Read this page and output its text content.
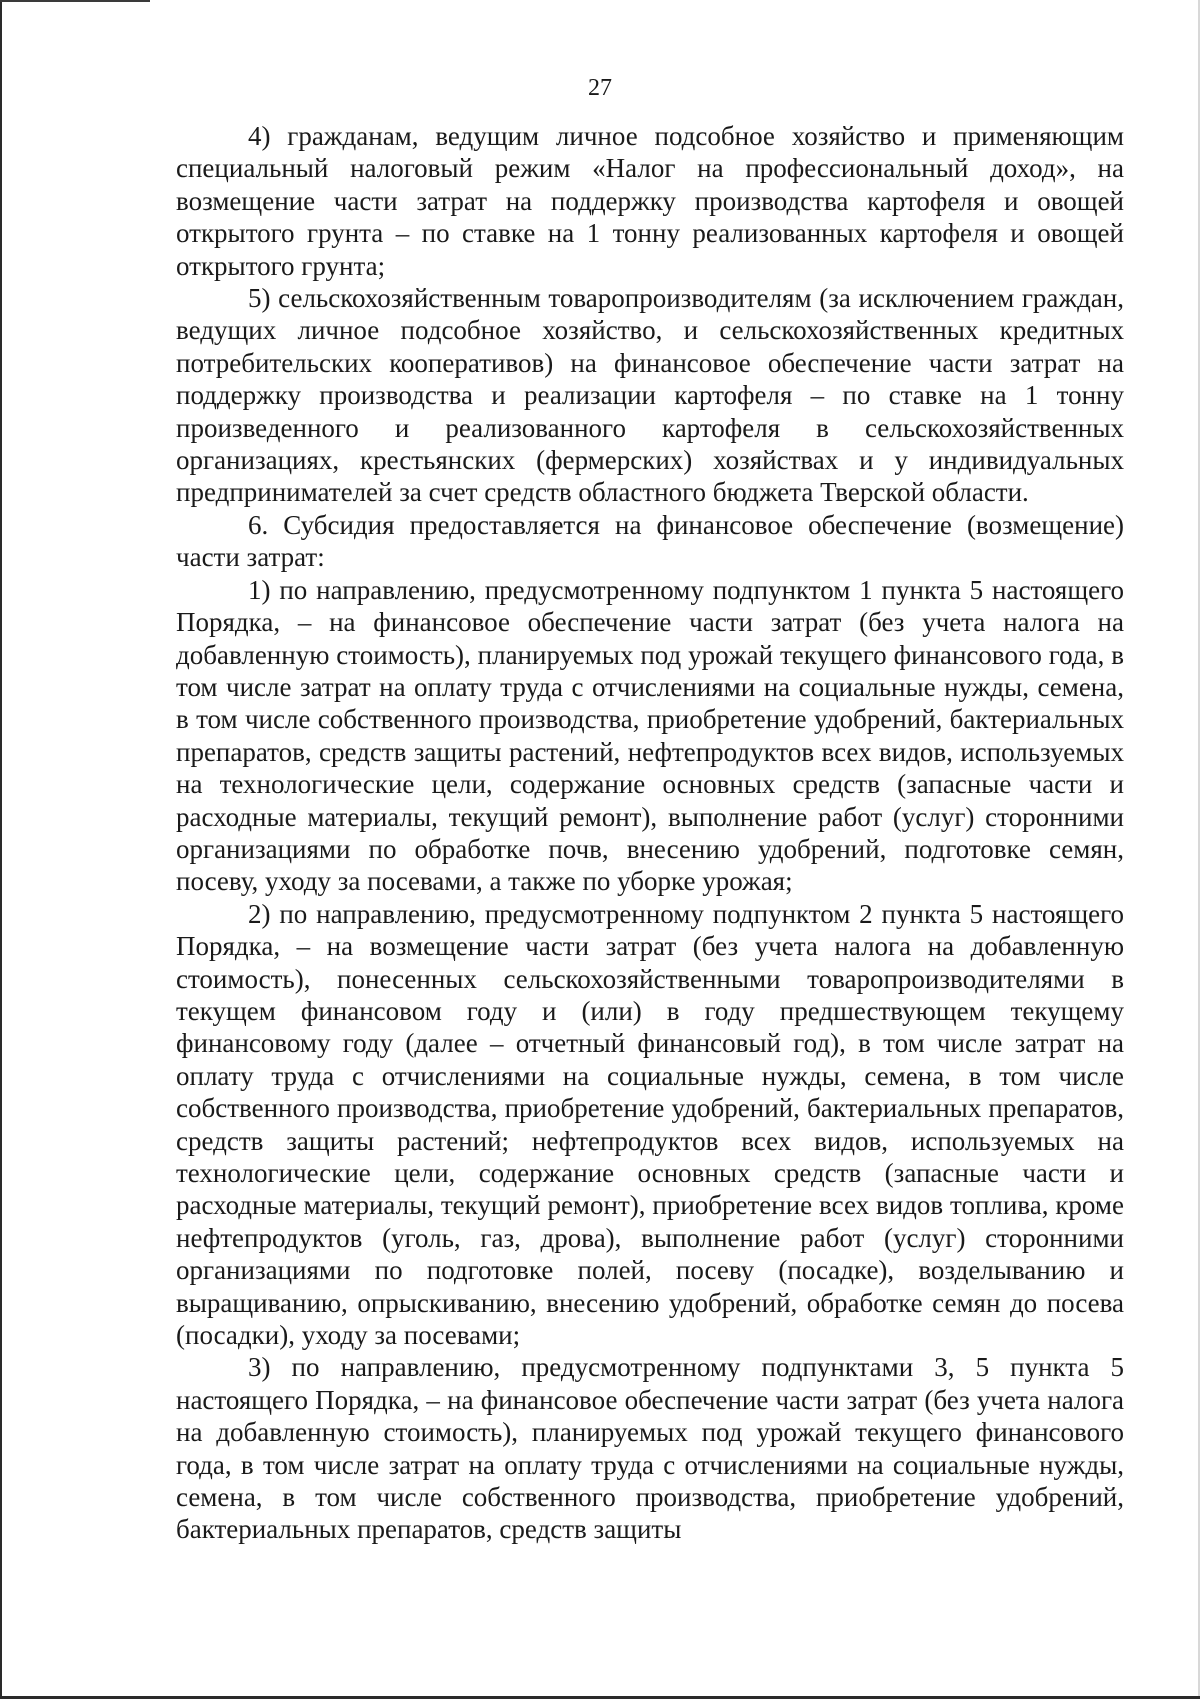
27

4) гражданам, ведущим личное подсобное хозяйство и применяющим специальный налоговый режим «Налог на профессиональный доход», на возмещение части затрат на поддержку производства картофеля и овощей открытого грунта – по ставке на 1 тонну реализованных картофеля и овощей открытого грунта;

5) сельскохозяйственным товаропроизводителям (за исключением граждан, ведущих личное подсобное хозяйство, и сельскохозяйственных кредитных потребительских кооперативов) на финансовое обеспечение части затрат на поддержку производства и реализации картофеля – по ставке на 1 тонну произведенного и реализованного картофеля в сельскохозяйственных организациях, крестьянских (фермерских) хозяйствах и у индивидуальных предпринимателей за счет средств областного бюджета Тверской области.

6. Субсидия предоставляется на финансовое обеспечение (возмещение) части затрат:

1) по направлению, предусмотренному подпунктом 1 пункта 5 настоящего Порядка, – на финансовое обеспечение части затрат (без учета налога на добавленную стоимость), планируемых под урожай текущего финансового года, в том числе затрат на оплату труда с отчислениями на социальные нужды, семена, в том числе собственного производства, приобретение удобрений, бактериальных препаратов, средств защиты растений, нефтепродуктов всех видов, используемых на технологические цели, содержание основных средств (запасные части и расходные материалы, текущий ремонт), выполнение работ (услуг) сторонними организациями по обработке почв, внесению удобрений, подготовке семян, посеву, уходу за посевами, а также по уборке урожая;

2) по направлению, предусмотренному подпунктом 2 пункта 5 настоящего Порядка, – на возмещение части затрат (без учета налога на добавленную стоимость), понесенных сельскохозяйственными товаропроизводителями в текущем финансовом году и (или) в году предшествующем текущему финансовому году (далее – отчетный финансовый год), в том числе затрат на оплату труда с отчислениями на социальные нужды, семена, в том числе собственного производства, приобретение удобрений, бактериальных препаратов, средств защиты растений; нефтепродуктов всех видов, используемых на технологические цели, содержание основных средств (запасные части и расходные материалы, текущий ремонт), приобретение всех видов топлива, кроме нефтепродуктов (уголь, газ, дрова), выполнение работ (услуг) сторонними организациями по подготовке полей, посеву (посадке), возделыванию и выращиванию, опрыскиванию, внесению удобрений, обработке семян до посева (посадки), уходу за посевами;

3) по направлению, предусмотренному подпунктами 3, 5 пункта 5 настоящего Порядка, – на финансовое обеспечение части затрат (без учета налога на добавленную стоимость), планируемых под урожай текущего финансового года, в том числе затрат на оплату труда с отчислениями на социальные нужды, семена, в том числе собственного производства, приобретение удобрений, бактериальных препаратов, средств защиты
